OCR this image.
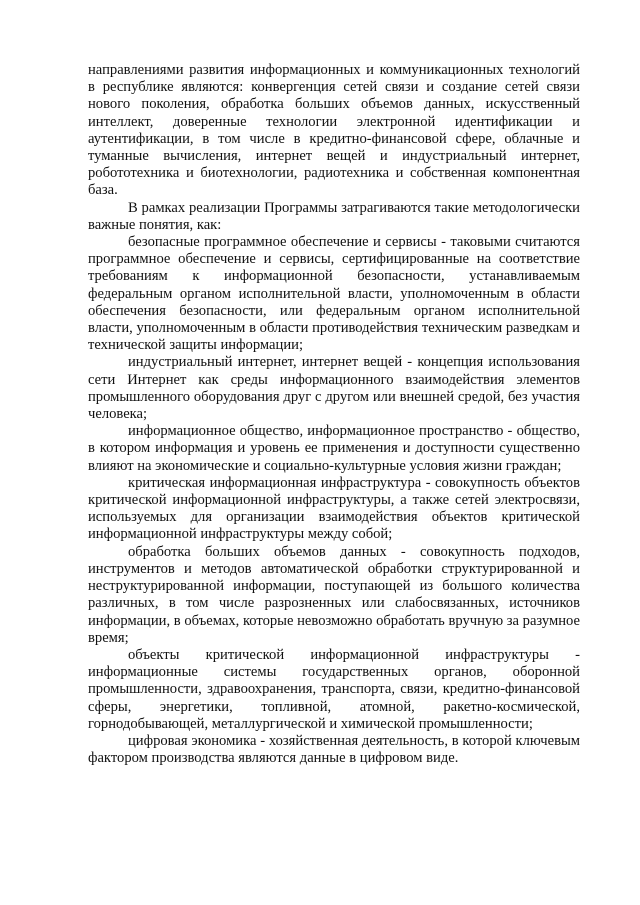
направлениями развития информационных и коммуникационных технологий в республике являются: конвергенция сетей связи и создание сетей связи нового поколения, обработка больших объемов данных, искусственный интеллект, доверенные технологии электронной идентификации и аутентификации, в том числе в кредитно-финансовой сфере, облачные и туманные вычисления, интернет вещей и индустриальный интернет, робототехника и биотехнологии, радиотехника и собственная компонентная база.

В рамках реализации Программы затрагиваются такие методологически важные понятия, как:

безопасные программное обеспечение и сервисы - таковыми считаются программное обеспечение и сервисы, сертифицированные на соответствие требованиям к информационной безопасности, устанавливаемым федеральным органом исполнительной власти, уполномоченным в области обеспечения безопасности, или федеральным органом исполнительной власти, уполномоченным в области противодействия техническим разведкам и технической защиты информации;

индустриальный интернет, интернет вещей - концепция использования сети Интернет как среды информационного взаимодействия элементов промышленного оборудования друг с другом или внешней средой, без участия человека;

информационное общество, информационное пространство - общество, в котором информация и уровень ее применения и доступности существенно влияют на экономические и социально-культурные условия жизни граждан;

критическая информационная инфраструктура - совокупность объектов критической информационной инфраструктуры, а также сетей электросвязи, используемых для организации взаимодействия объектов критической информационной инфраструктуры между собой;

обработка больших объемов данных - совокупность подходов, инструментов и методов автоматической обработки структурированной и неструктурированной информации, поступающей из большого количества различных, в том числе разрозненных или слабосвязанных, источников информации, в объемах, которые невозможно обработать вручную за разумное время;

объекты критической информационной инфраструктуры - информационные системы государственных органов, оборонной промышленности, здравоохранения, транспорта, связи, кредитно-финансовой сферы, энергетики, топливной, атомной, ракетно-космической, горнодобывающей, металлургической и химической промышленности;

цифровая экономика - хозяйственная деятельность, в которой ключевым фактором производства являются данные в цифровом виде.
